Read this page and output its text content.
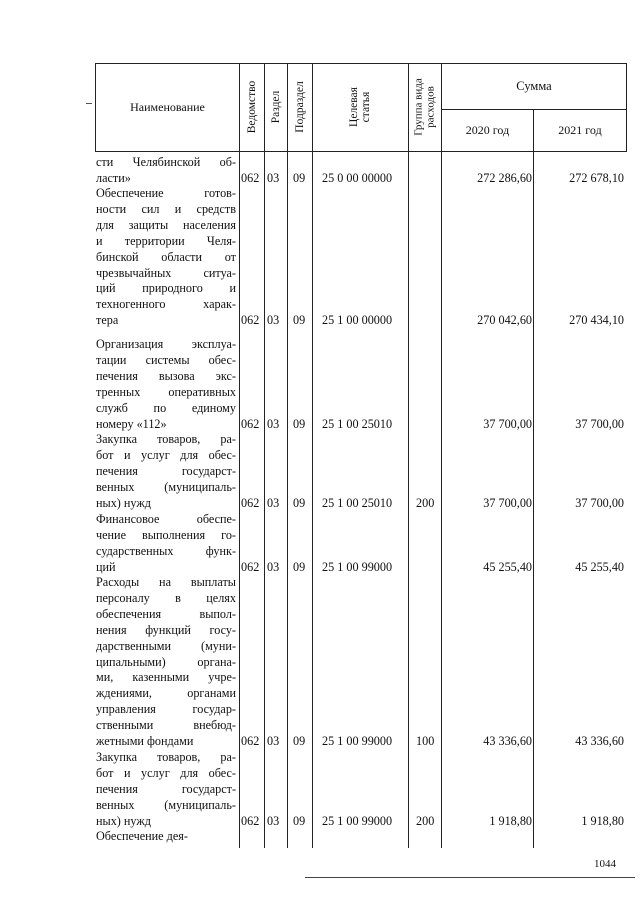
Наименование	Ведомство Раздел Подраздел	Целевая статья	Группа вида расходов
Сумма
2020 год	2021 год
сти Челябинской об-
ласти»	062 03 09 25 0 00 00000	272 286,60	272 678,10
Обеспечение готов-
ности сил и средств
для защиты населения
и территории Челя-
бинской области от
чрезвычайных ситуа-
ций природного и
техногенного харак-
тера	062 03 09 25 1 00 00000	270 042,60	270 434,10
Организация эксплуа-
тации системы обес-
печения вызова экс-
тренных оперативных
служб по единому
номеру «112»	062 03 09 25 1 00 25010	37 700,00	37 700,00
Закупка товаров, ра-
бот и услуг для обес-
печения государст-
венных (муниципаль-
ных) нужд	062 03 09 25 1 00 25010 200	37 700,00	37 700,00
Финансовое обеспе-
чение выполнения го-
сударственных функ-
ций	062 03 09 25 1 00 99000	45 255,40	45 255,40
Расходы на выплаты
персоналу в целях
обеспечения выпол-
нения функций госу-
дарственными (муни-
ципальными) органа-
ми, казенными учре-
ждениями, органами
управления государ-
ственными внебюд-
жетными фондами	062 03 09 25 1 00 99000 100	43 336,60	43 336,60
Закупка товаров, ра-
бот и услуг для обес-
печения государст-
венных (муниципаль-
ных) нужд	062 03 09 25 1 00 99000 200	1 918,80	1 918,80
Обеспечение дея-
1044
